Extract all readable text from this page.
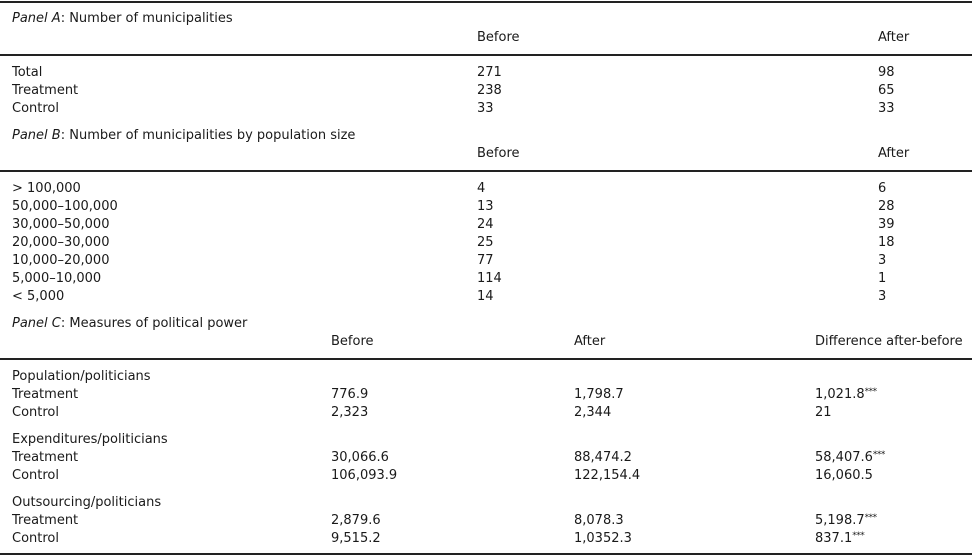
Panel A: Number of municipalities
Before	After
Total	271	98
Treatment	238	65
Control	33	33
Panel B: Number of municipalities by population size
Before	After
> 100,000	4	6
50,000–100,000	13	28
30,000–50,000	24	39
20,000–30,000	25	18
10,000–20,000	77	3
5,000–10,000	114	1
< 5,000	14	3
Panel C: Measures of political power
Before	After	Difference after-before
Population/politicians
Treatment	776.9	1,798.7	1,021.8***
Control	2,323	2,344	21
Expenditures/politicians
Treatment	30,066.6	88,474.2	58,407.6***
Control	106,093.9	122,154.4	16,060.5
Outsourcing/politicians
Treatment	2,879.6	8,078.3	5,198.7***
Control	9,515.2	1,0352.3	837.1***
